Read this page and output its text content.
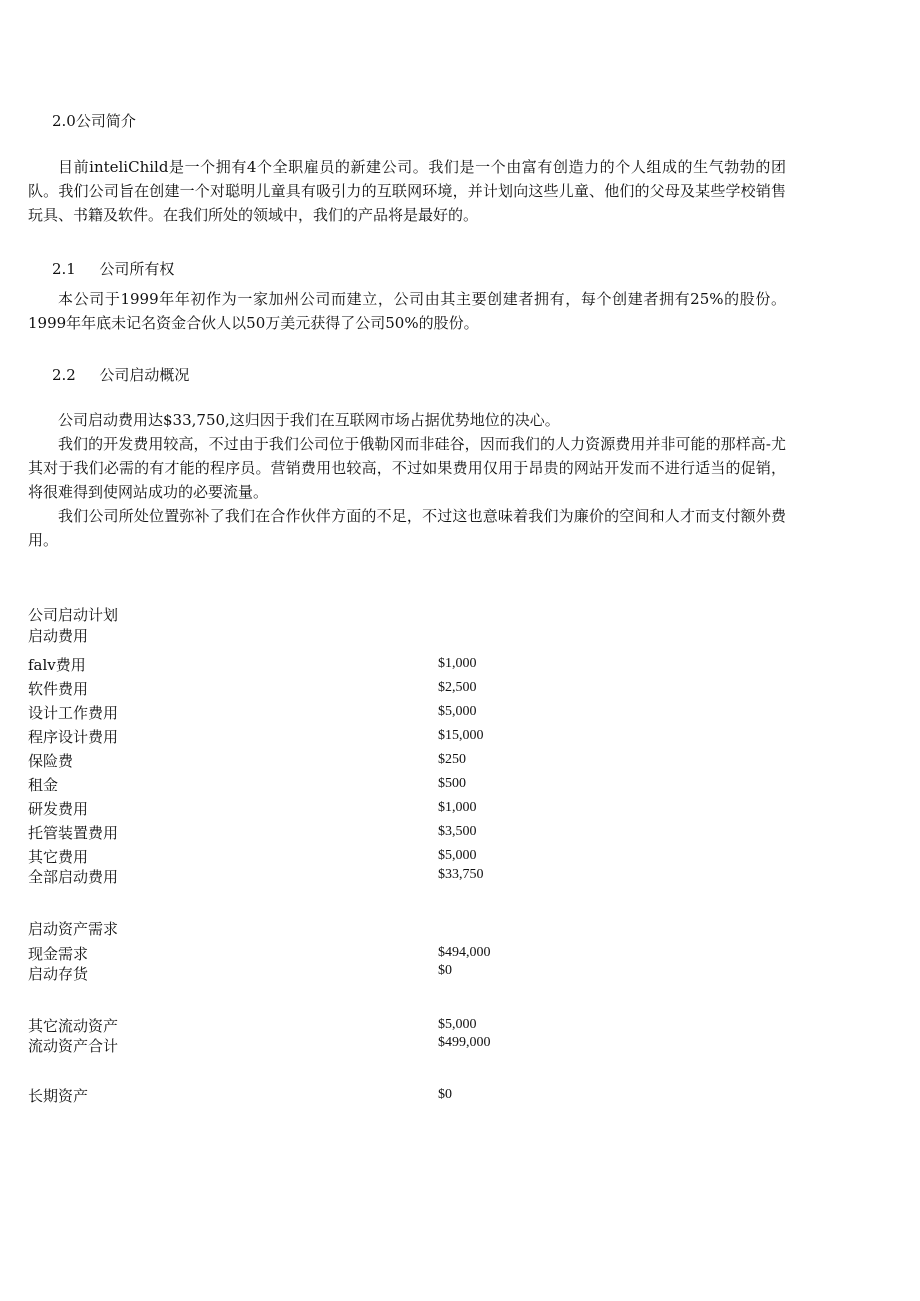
2.0公司简介

目前inteliChild是一个拥有4个全职雇员的新建公司。我们是一个由富有创造力的个人组成的生气勃勃的团队。我们公司旨在创建一个对聪明儿童具有吸引力的互联网环境，并计划向这些儿童、他们的父母及某些学校销售玩具、书籍及软件。在我们所处的领域中，我们的产品将是最好的。

2.1 公司所有权

本公司于1999年年初作为一家加州公司而建立，公司由其主要创建者拥有，每个创建者拥有25%的股份。1999年年底未记名资金合伙人以50万美元获得了公司50%的股份。

2.2 公司启动概况

公司启动费用达$33,750,这归因于我们在互联网市场占据优势地位的决心。

我们的开发费用较高，不过由于我们公司位于俄勒冈而非硅谷，因而我们的人力资源费用并非可能的那样高-尤其对于我们必需的有才能的程序员。营销费用也较高，不过如果费用仅用于昂贵的网站开发而不进行适当的促销，将很难得到使网站成功的必要流量。

我们公司所处位置弥补了我们在合作伙伴方面的不足，不过这也意味着我们为廉价的空间和人才而支付额外费用。

公司启动计划
启动费用
falv费用	$1,000
软件费用	$2,500
设计工作费用	$5,000
程序设计费用	$15,000
保险费	$250
租金	$500
研发费用	$1,000
托管装置费用	$3,500
其它费用	$5,000
全部启动费用	$33,750
启动资产需求
现金需求	$494,000
启动存货	$0
其它流动资产	$5,000
流动资产合计	$499,000
长期资产	$0
